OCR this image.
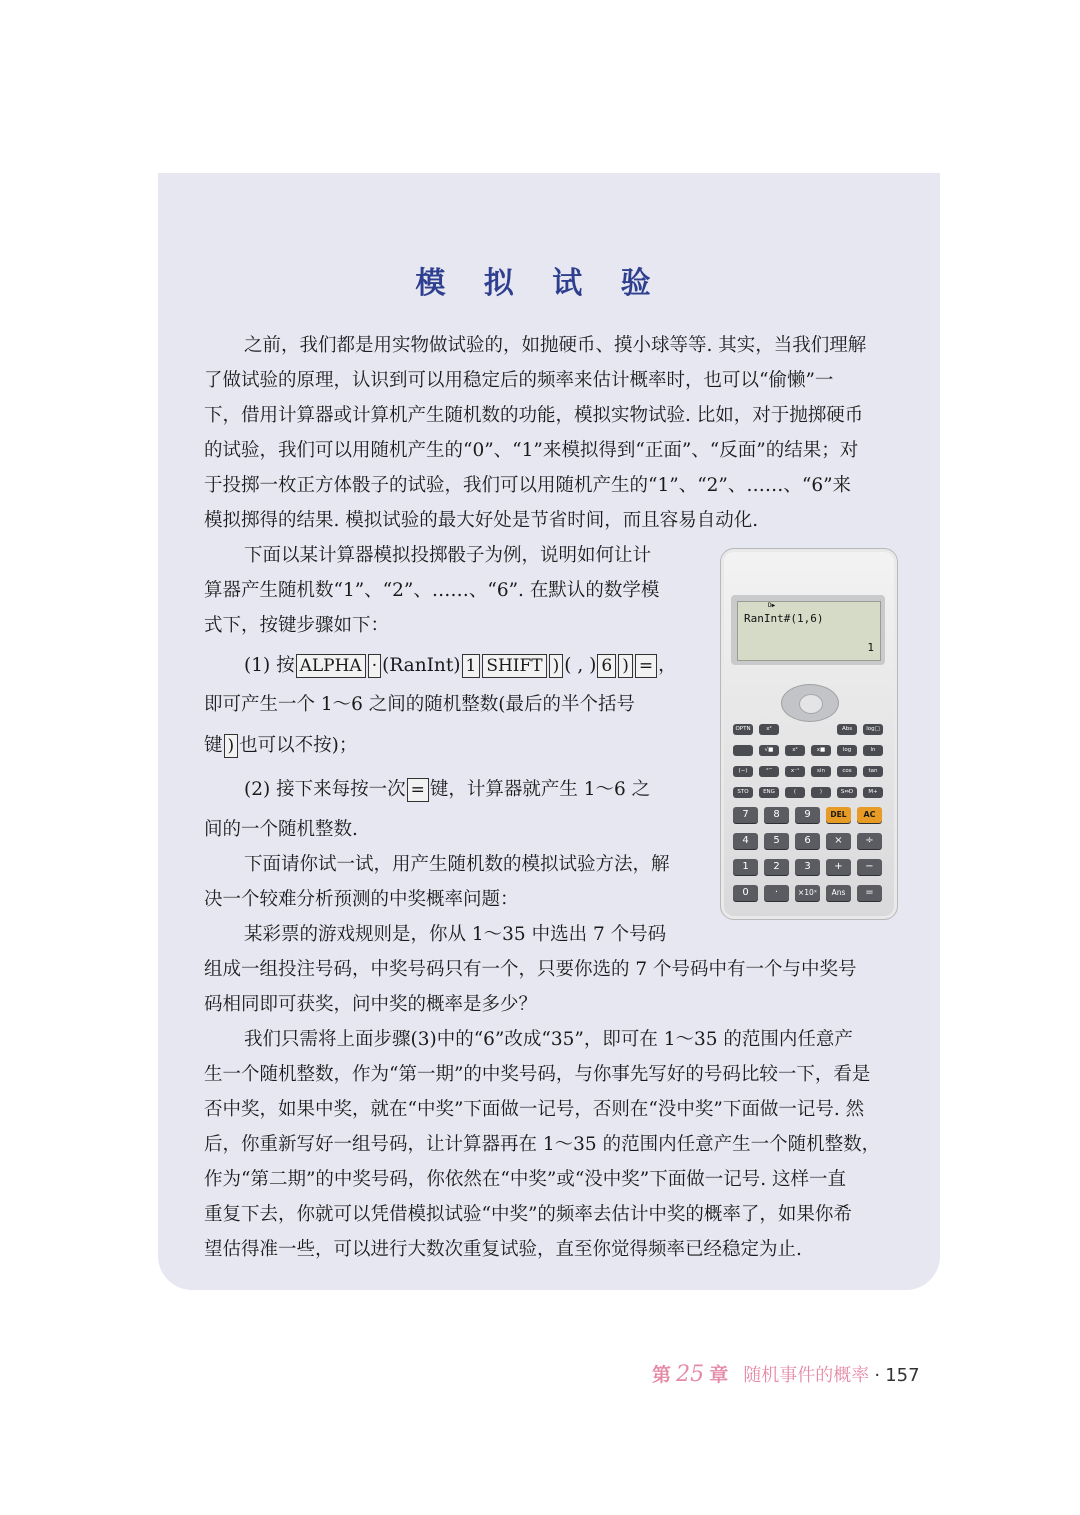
模 拟 试 验
之前，我们都是用实物做试验的，如抛硬币、摸小球等等. 其实，当我们理解
了做试验的原理，认识到可以用稳定后的频率来估计概率时，也可以“偷懒”一
下，借用计算器或计算机产生随机数的功能，模拟实物试验. 比如，对于抛掷硬币
的试验，我们可以用随机产生的“0”、“1”来模拟得到“正面”、“反面”的结果；对
于投掷一枚正方体骰子的试验，我们可以用随机产生的“1”、“2”、……、“6”来
模拟掷得的结果. 模拟试验的最大好处是节省时间，而且容易自动化.
下面以某计算器模拟投掷骰子为例，说明如何让计
算器产生随机数“1”、“2”、……、“6”. 在默认的数学模
式下，按键步骤如下：
(1) 按 ALPHA · (RanInt) 1 SHIFT ) ( , ) 6 ) = ，
即可产生一个 1～6 之间的随机整数(最后的半个括号
键 ) 也可以不按)；
(2) 接下来每按一次 = 键，计算器就产生 1～6 之
间的一个随机整数.
下面请你试一试，用产生随机数的模拟试验方法，解
决一个较难分析预测的中奖概率问题：
某彩票的游戏规则是，你从 1～35 中选出 7 个号码
组成一组投注号码，中奖号码只有一个，只要你选的 7 个号码中有一个与中奖号
码相同即可获奖，问中奖的概率是多少？
我们只需将上面步骤(3)中的“6”改成“35”，即可在 1～35 的范围内任意产
生一个随机整数，作为“第一期”的中奖号码，与你事先写好的号码比较一下，看是
否中奖，如果中奖，就在“中奖”下面做一记号，否则在“没中奖”下面做一记号. 然
后，你重新写好一组号码，让计算器再在 1～35 的范围内任意产生一个随机整数，
作为“第二期”的中奖号码，你依然在“中奖”或“没中奖”下面做一记号. 这样一直
重复下去，你就可以凭借模拟试验“中奖”的频率去估计中奖的概率了，如果你希
望估得准一些，可以进行大数次重复试验，直至你觉得频率已经稳定为止.
D▶
RanInt#(1,6)
1
OPTN	x²	Abs	log□
√■	x²	x■	log	ln
(−)	°′″	x⁻¹	sin	cos	tan
STO	ENG	(	)	S⇔D	M+
7	8	9	DEL	AC
4	5	6	×	÷
1	2	3	+	−
0	·	×10ˣ	Ans	=
第 25 章 随机事件的概率 · 157
